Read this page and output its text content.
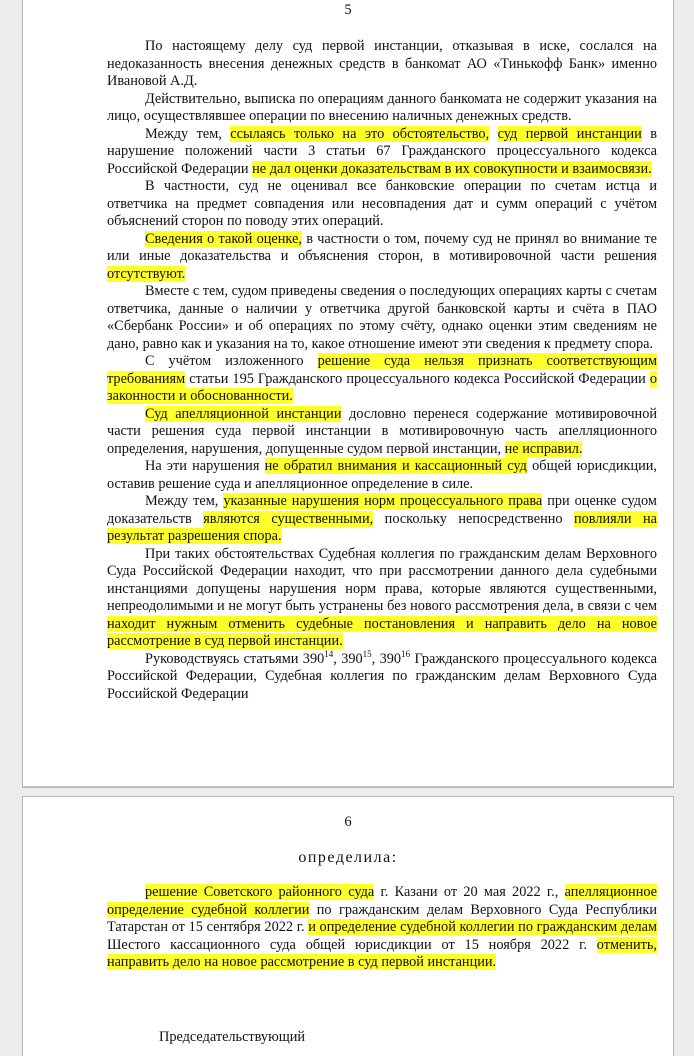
5

По настоящему делу суд первой инстанции, отказывая в иске, сослался на недоказанность внесения денежных средств в банкомат АО «Тинькофф Банк» именно Ивановой А.Д.

Действительно, выписка по операциям данного банкомата не содержит указания на лицо, осуществлявшее операции по внесению наличных денежных средств.

Между тем, ссылаясь только на это обстоятельство, суд первой инстанции в нарушение положений части 3 статьи 67 Гражданского процессуального кодекса Российской Федерации не дал оценки доказательствам в их совокупности и взаимосвязи.

В частности, суд не оценивал все банковские операции по счетам истца и ответчика на предмет совпадения или несовпадения дат и сумм операций с учётом объяснений сторон по поводу этих операций.

Сведения о такой оценке, в частности о том, почему суд не принял во внимание те или иные доказательства и объяснения сторон, в мотивировочной части решения отсутствуют.

Вместе с тем, судом приведены сведения о последующих операциях карты с счетам ответчика, данные о наличии у ответчика другой банковской карты и счёта в ПАО «Сбербанк России» и об операциях по этому счёту, однако оценки этим сведениям не дано, равно как и указания на то, какое отношение имеют эти сведения к предмету спора.

С учётом изложенного решение суда нельзя признать соответствующим требованиям статьи 195 Гражданского процессуального кодекса Российской Федерации о законности и обоснованности.

Суд апелляционной инстанции дословно перенеся содержание мотивировочной части решения суда первой инстанции в мотивировочную часть апелляционного определения, нарушения, допущенные судом первой инстанции, не исправил.

На эти нарушения не обратил внимания и кассационный суд общей юрисдикции, оставив решение суда и апелляционное определение в силе.

Между тем, указанные нарушения норм процессуального права при оценке судом доказательств являются существенными, поскольку непосредственно повлияли на результат разрешения спора.

При таких обстоятельствах Судебная коллегия по гражданским делам Верховного Суда Российской Федерации находит, что при рассмотрении данного дела судебными инстанциями допущены нарушения норм права, которые являются существенными, непреодолимыми и не могут быть устранены без нового рассмотрения дела, в связи с чем находит нужным отменить судебные постановления и направить дело на новое рассмотрение в суд первой инстанции.

Руководствуясь статьями $390^{14}$, $390^{15}$, $390^{16}$ Гражданского процессуального кодекса Российской Федерации, Судебная коллегия по гражданским делам Верховного Суда Российской Федерации

6
определила:

решение Советского районного суда г. Казани от 20 мая 2022 г., апелляционное определение судебной коллегии по гражданским делам Верховного Суда Республики Татарстан от 15 сентября 2022 г. и определение судебной коллегии по гражданским делам Шестого кассационного суда общей юрисдикции от 15 ноября 2022 г. отменить, направить дело на новое рассмотрение в суд первой инстанции.

Председательствующий
